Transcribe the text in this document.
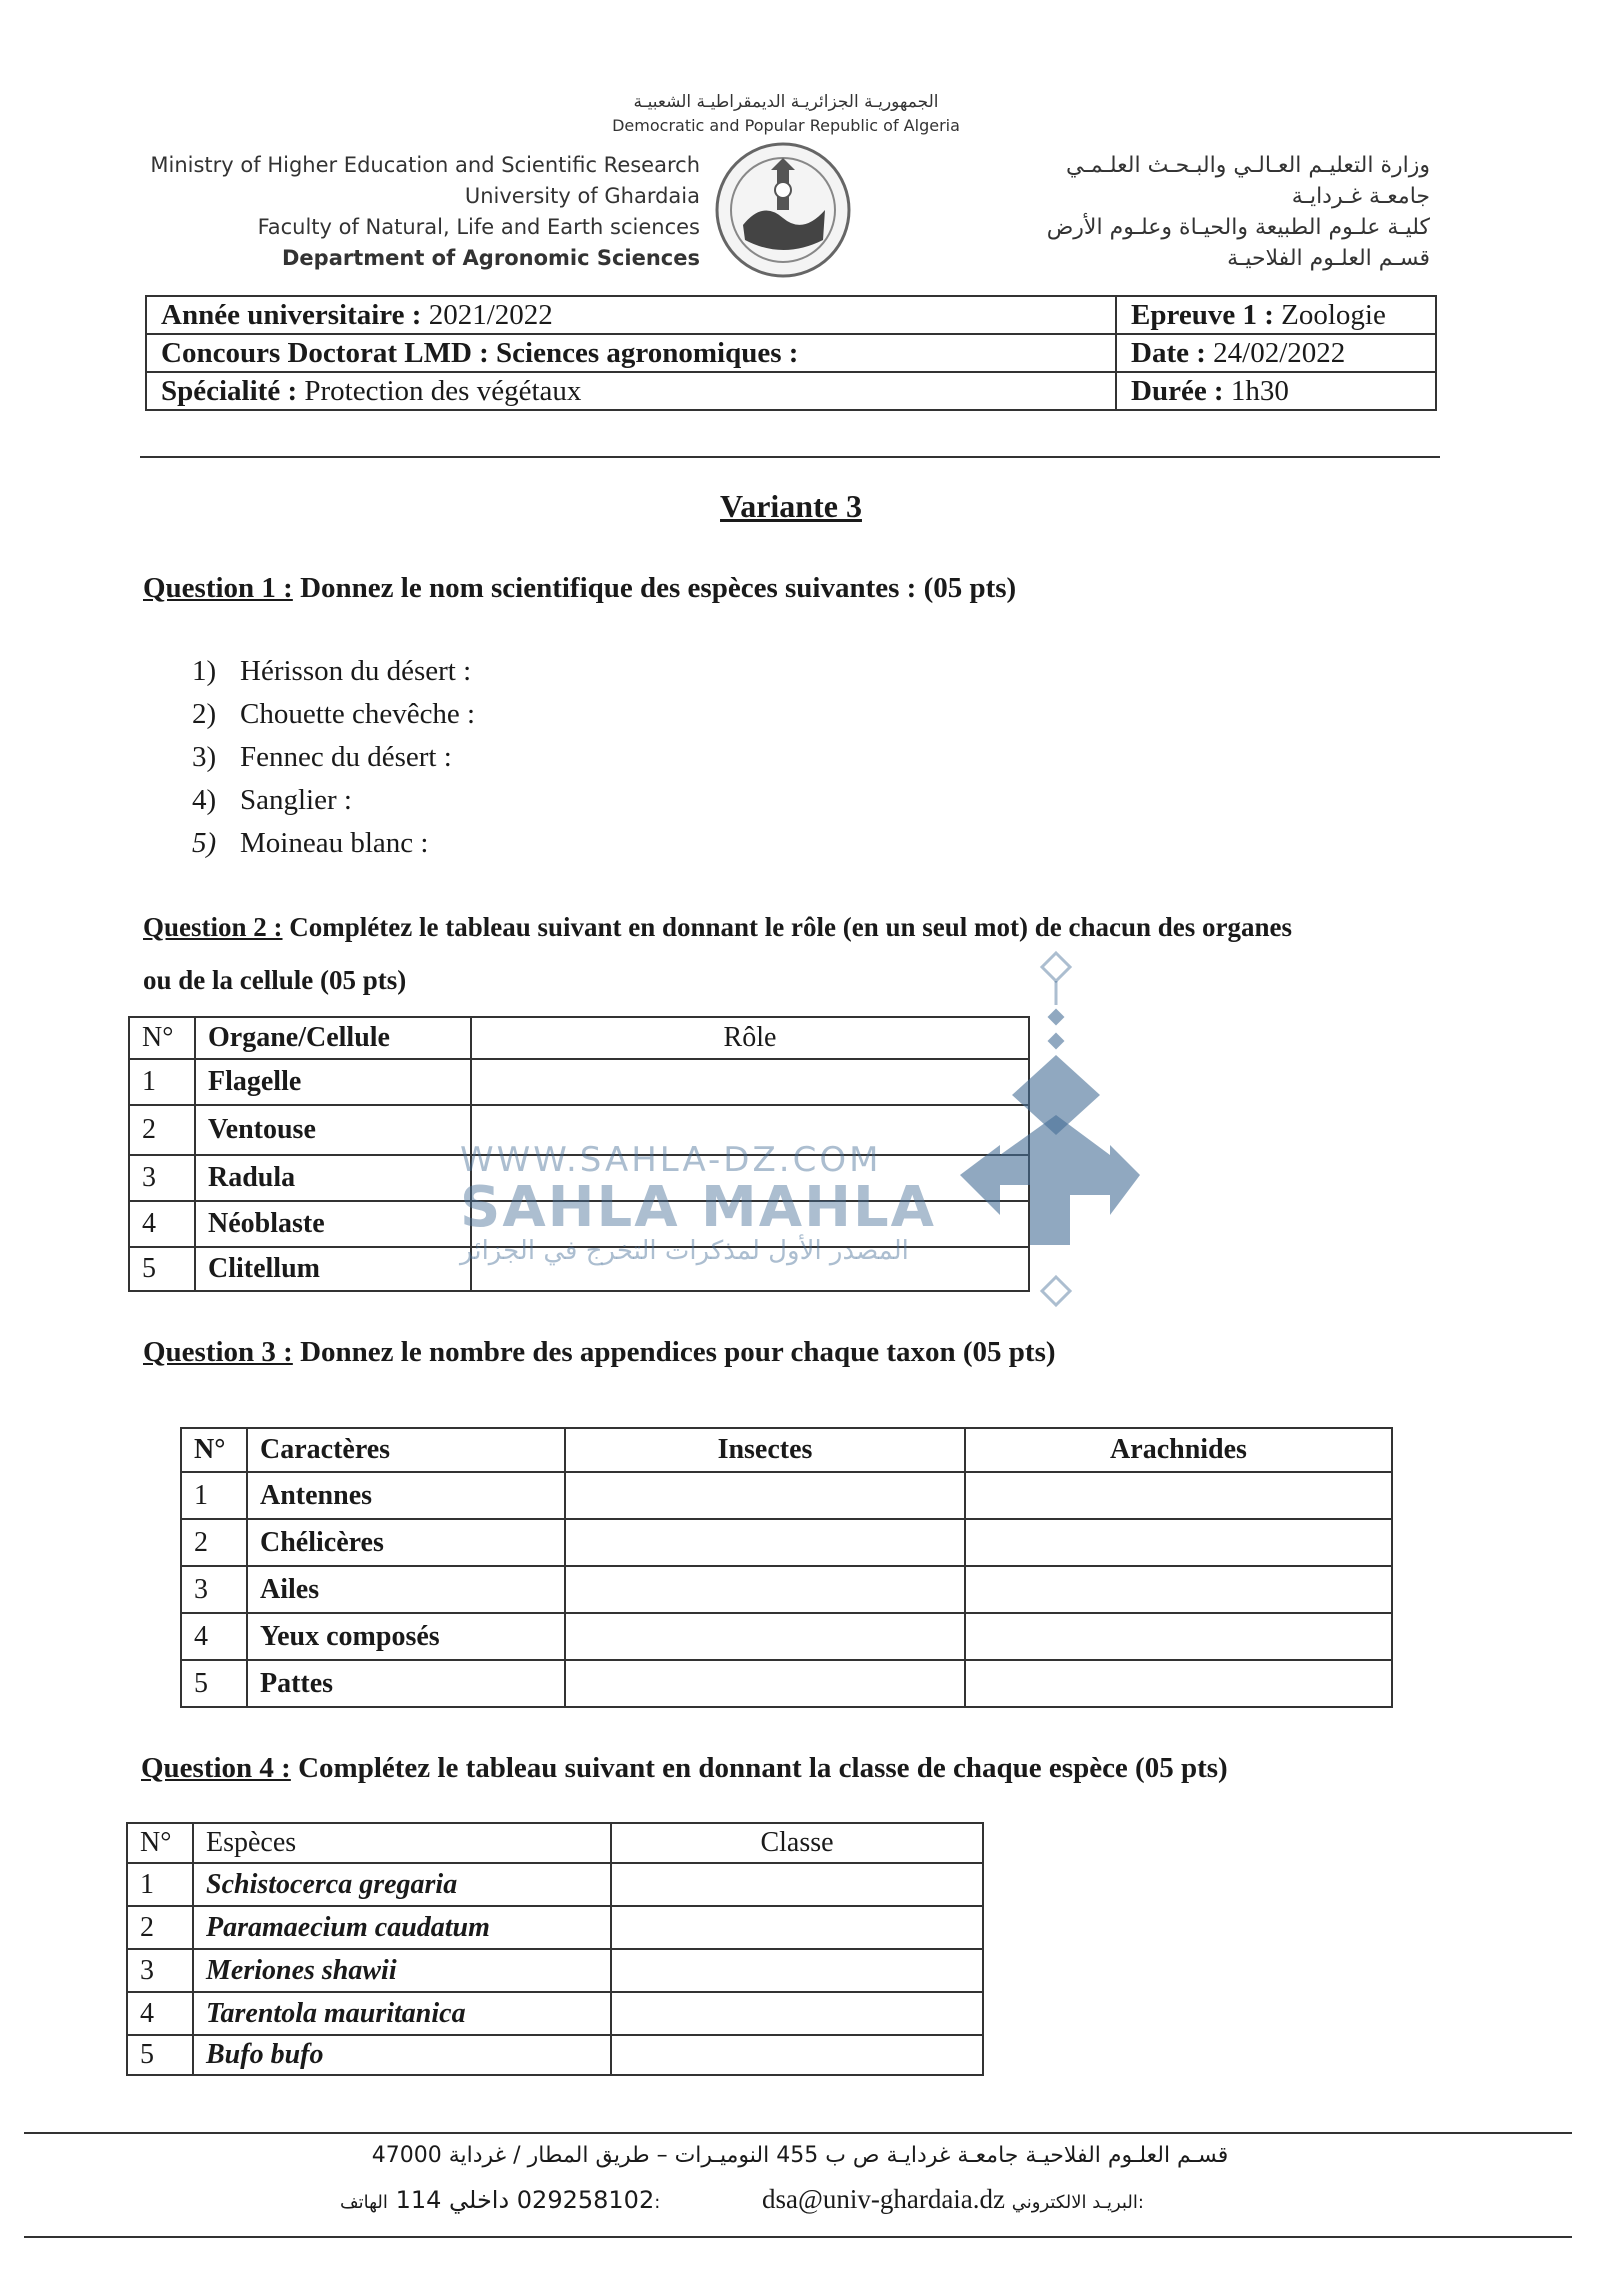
الجمهوريـة الجزائريـة الديمقراطيـة الشعبيـة
Democratic and Popular Republic of Algeria
Ministry of Higher Education and Scientific Research
University of Ghardaia
Faculty of Natural, Life and Earth sciences
Department of Agronomic Sciences
وزارة التعليـم العـالـي والبـحـث العلـمـي
جامعـة غـردايـة
كليـة علـوم الطبيعة والحيـاة وعلـوم الأرض
قسـم العلـوم الفلاحيـة
Année universitaire : 2021/2022	Epreuve 1 : Zoologie
Concours Doctorat LMD : Sciences agronomiques :	Date : 24/02/2022
Spécialité : Protection des végétaux	Durée : 1h30
Variante 3
Question 1 : Donnez le nom scientifique des espèces suivantes : (05 pts)
1) Hérisson du désert :
2) Chouette chevêche :
3) Fennec du désert :
4) Sanglier :
5) Moineau blanc :
Question 2 : Complétez le tableau suivant en donnant le rôle (en un seul mot) de chacun des organes
ou de la cellule (05 pts)
N°	Organe/Cellule	Rôle
1	Flagelle	
2	Ventouse	
3	Radula	
4	Néoblaste	
5	Clitellum	
WWW.SAHLA-DZ.COM
SAHLA MAHLA
المصدر الأول لمذكرات التخرج في الجزائر
Question 3 : Donnez le nombre des appendices pour chaque taxon (05 pts)
N°	Caractères	Insectes	Arachnides
1	Antennes		
2	Chélicères		
3	Ailes		
4	Yeux composés		
5	Pattes		
Question 4 : Complétez le tableau suivant en donnant la classe de chaque espèce (05 pts)
N°	Espèces	Classe
1	Schistocerca gregaria	
2	Paramaecium caudatum	
3	Meriones shawii	
4	Tarentola mauritanica	
5	Bufo bufo	
قسـم العلـوم الفلاحيـة جامعـة غردايـة ص ب 455 النوميـرات – طريق المطار / غرداية 47000
029258102 داخلي 114 الهاتف:	dsa@univ-ghardaia.dz البريـد الالكتروني:
